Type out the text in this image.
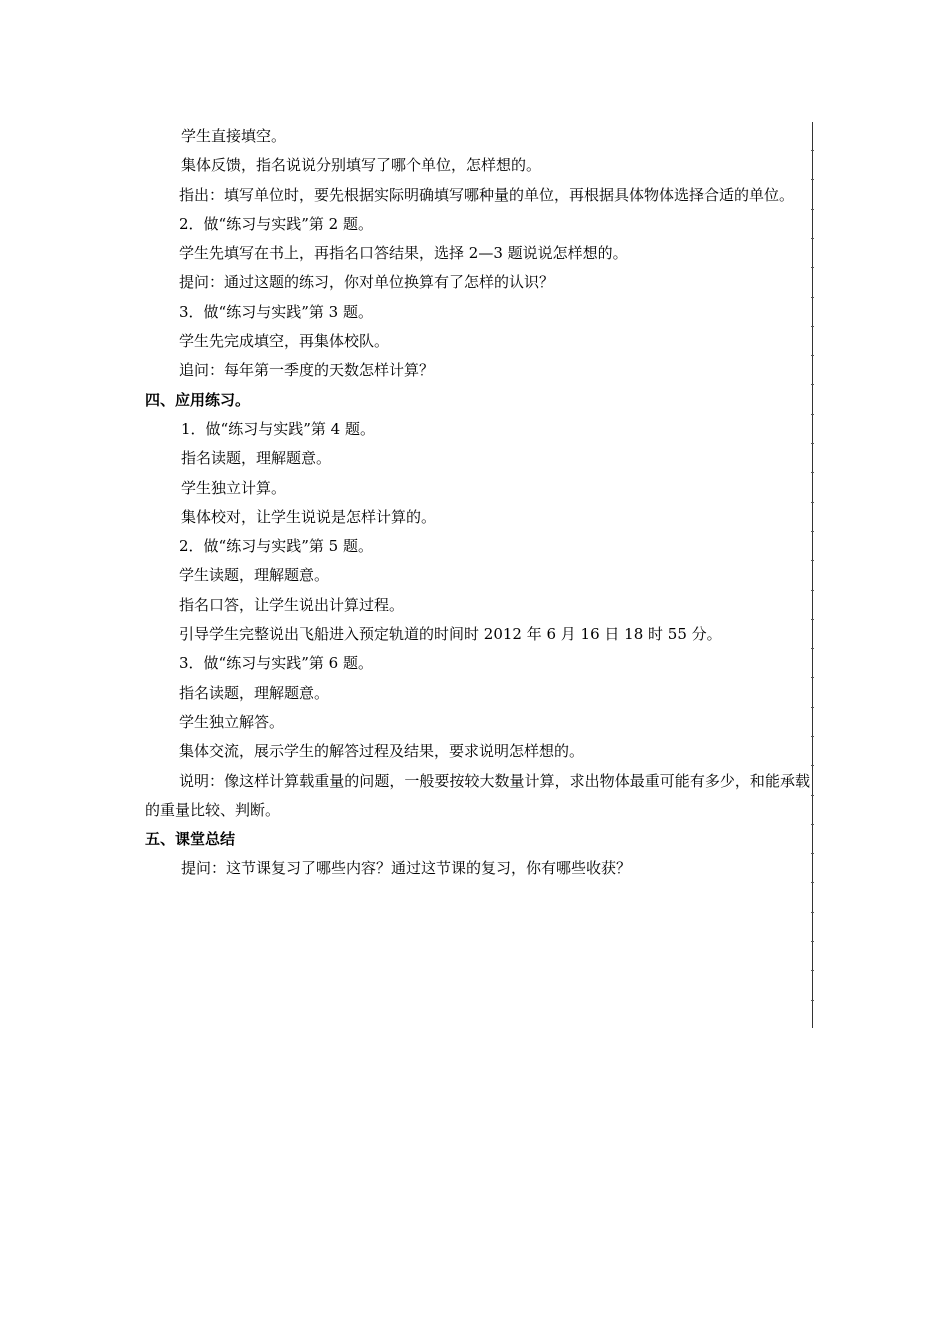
学生直接填空。

集体反馈，指名说说分别填写了哪个单位，怎样想的。

指出：填写单位时，要先根据实际明确填写哪种量的单位，再根据具体物体选择合适的单位。

2．做“练习与实践”第 2 题。

学生先填写在书上，再指名口答结果，选择 2—3 题说说怎样想的。

提问：通过这题的练习，你对单位换算有了怎样的认识？

3．做“练习与实践”第 3 题。

学生先完成填空，再集体校队。

追问：每年第一季度的天数怎样计算？

四、应用练习。

1．做“练习与实践”第 4 题。

指名读题，理解题意。

学生独立计算。

集体校对，让学生说说是怎样计算的。

2．做“练习与实践”第 5 题。

学生读题，理解题意。

指名口答，让学生说出计算过程。

引导学生完整说出飞船进入预定轨道的时间时 2012 年 6 月 16 日 18 时 55 分。

3．做“练习与实践”第 6 题。

指名读题，理解题意。

学生独立解答。

集体交流，展示学生的解答过程及结果，要求说明怎样想的。

说明：像这样计算载重量的问题，一般要按较大数量计算，求出物体最重可能有多少，和能承载的重量比较、判断。

五、课堂总结

提问：这节课复习了哪些内容？通过这节课的复习，你有哪些收获？
